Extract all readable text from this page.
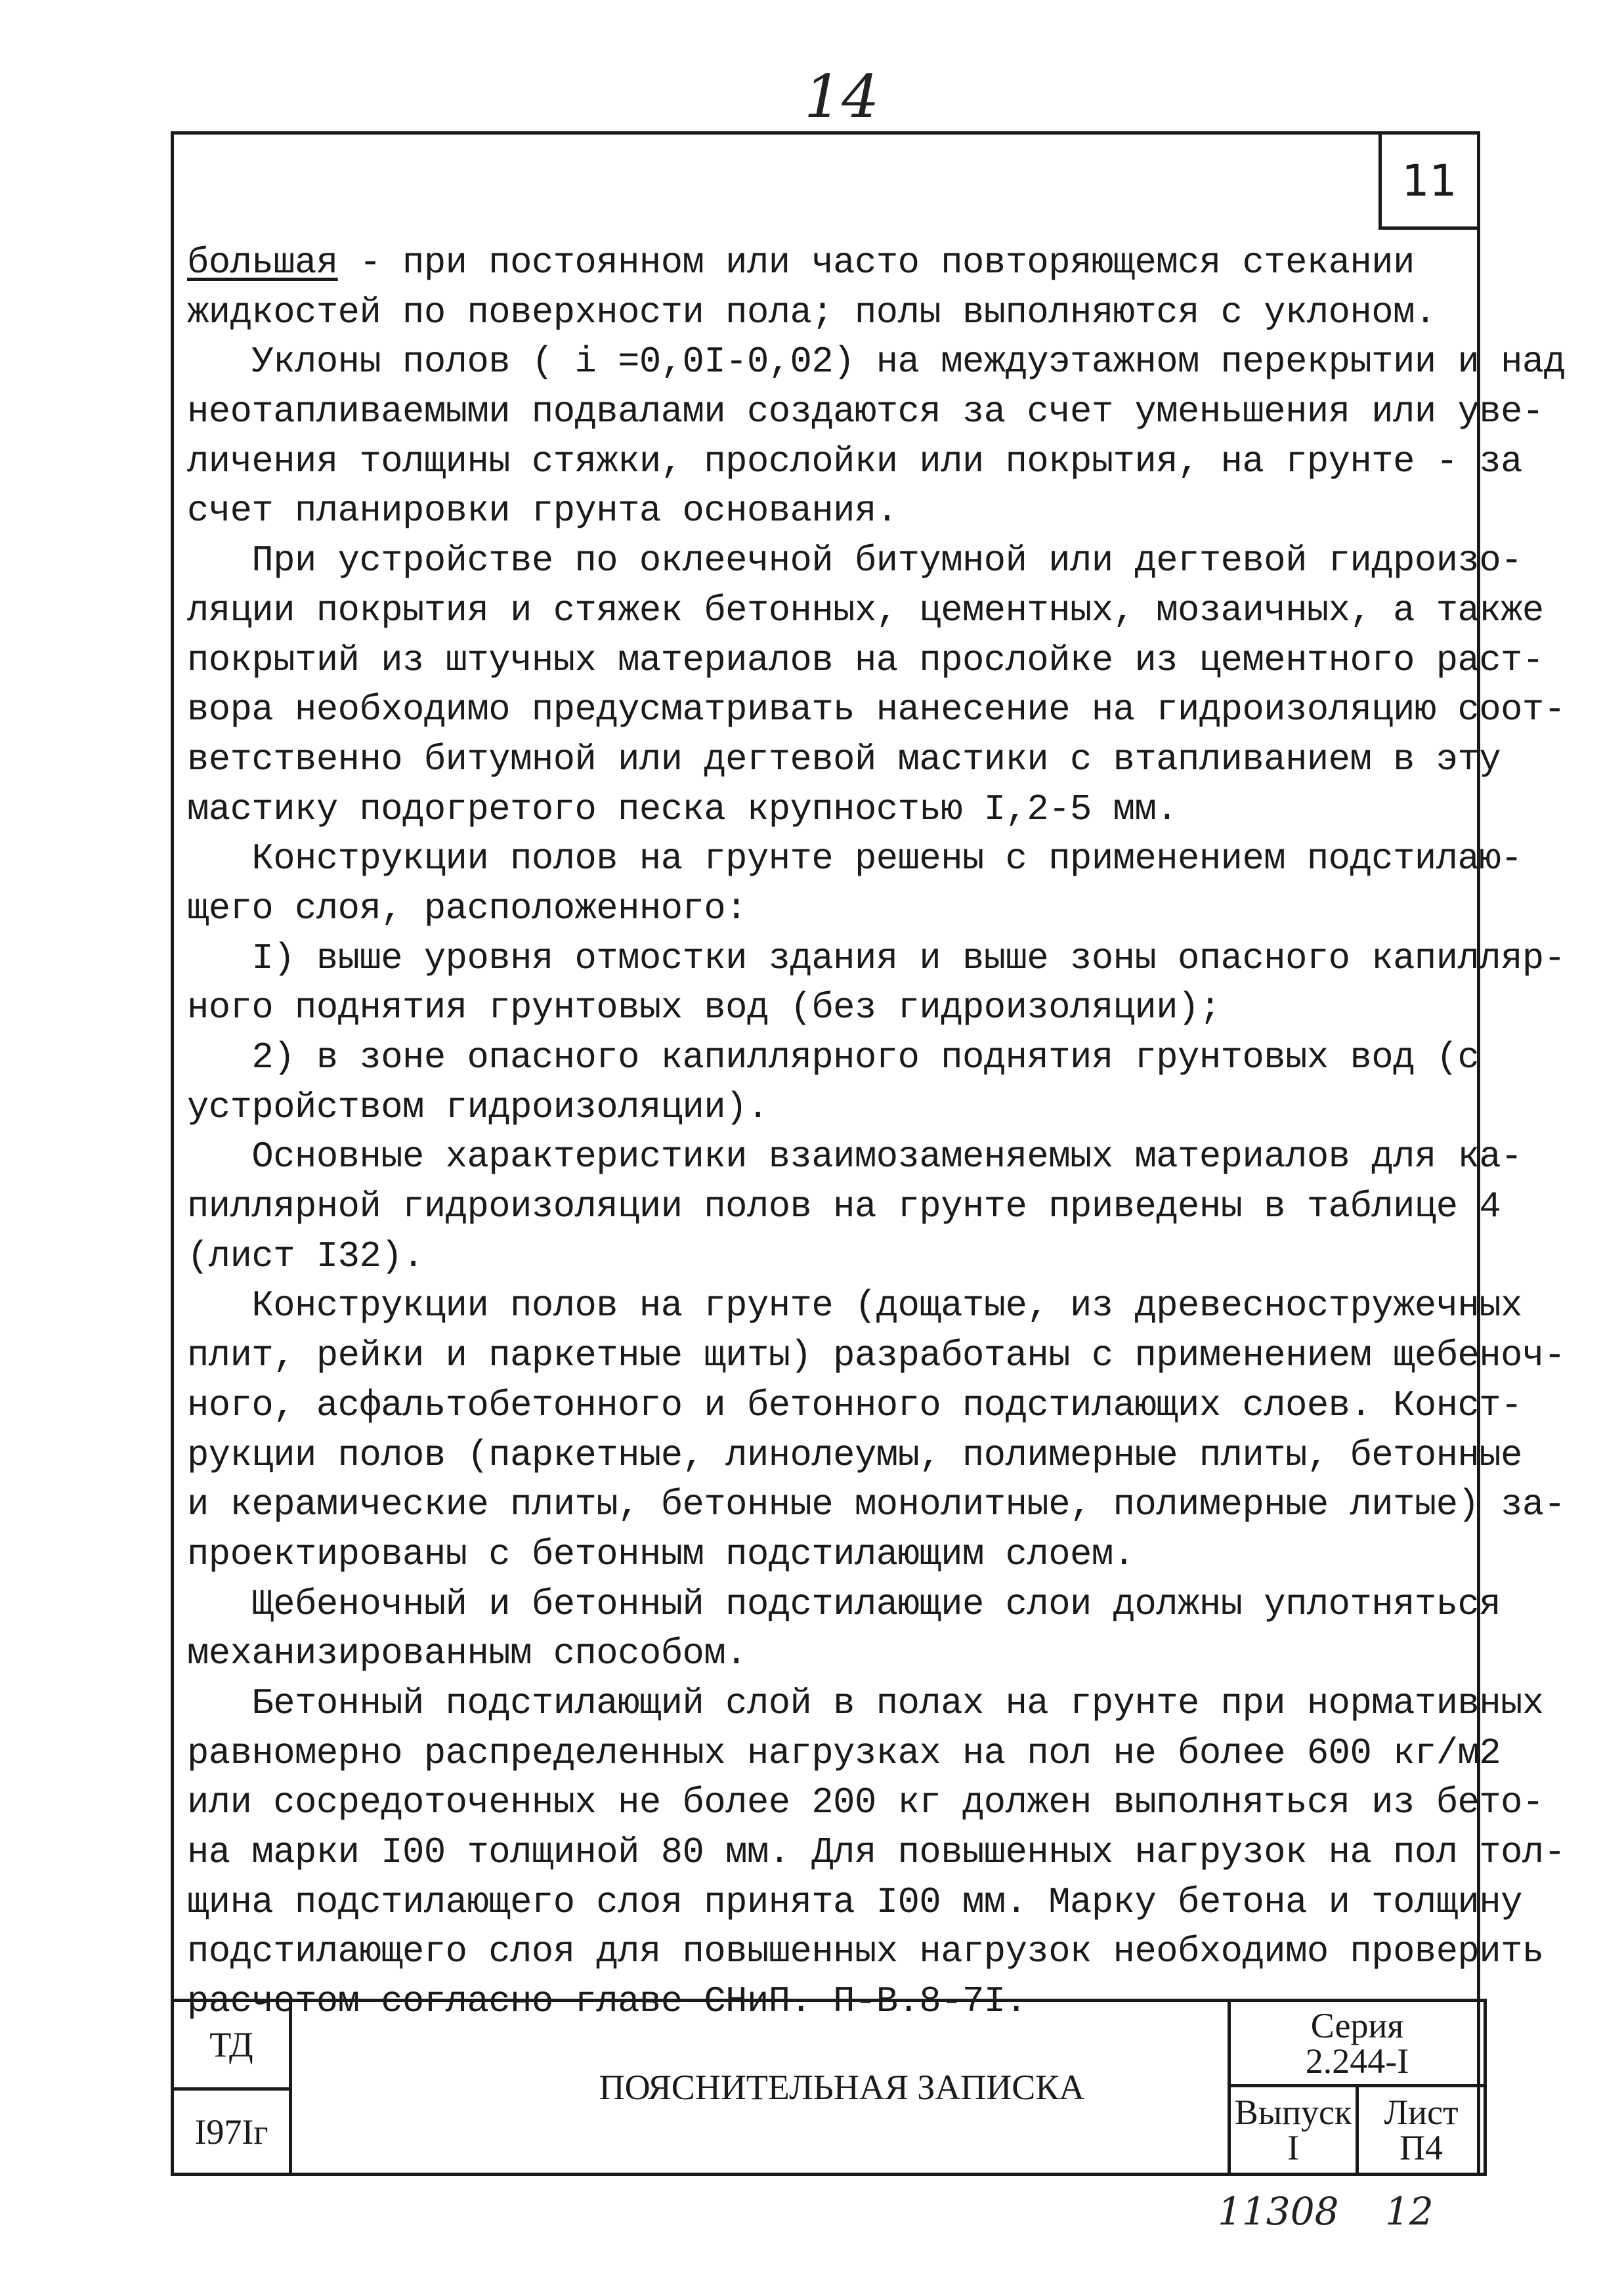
14
11
большая - при постоянном или часто повторяющемся стекании
жидкостей по поверхности пола; полы выполняются с уклоном.
Уклоны полов ( i =0,0I-0,02) на междуэтажном перекрытии и над
неотапливаемыми подвалами создаются за счет уменьшения или уве-
личения толщины стяжки, прослойки или покрытия, на грунте - за
счет планировки грунта основания.
При устройстве по оклеечной битумной или дегтевой гидроизо-
ляции покрытия и стяжек бетонных, цементных, мозаичных, а также
покрытий из штучных материалов на прослойке из цементного раст-
вора необходимо предусматривать нанесение на гидроизоляцию соот-
ветственно битумной или дегтевой мастики с втапливанием в эту
мастику подогретого песка крупностью I,2-5 мм.
Конструкции полов на грунте решены с применением подстилаю-
щего слоя, расположенного:
I) выше уровня отмостки здания и выше зоны опасного капилляр-
ного поднятия грунтовых вод (без гидроизоляции);
2) в зоне опасного капиллярного поднятия грунтовых вод (с
устройством гидроизоляции).
Основные характеристики взаимозаменяемых материалов для ка-
пиллярной гидроизоляции полов на грунте приведены в таблице 4
(лист I32).
Конструкции полов на грунте (дощатые, из древесностружечных
плит, рейки и паркетные щиты) разработаны с применением щебеноч-
ного, асфальтобетонного и бетонного подстилающих слоев. Конст-
рукции полов (паркетные, линолеумы, полимерные плиты, бетонные
и керамические плиты, бетонные монолитные, полимерные литые) за-
проектированы с бетонным подстилающим слоем.
Щебеночный и бетонный подстилающие слои должны уплотняться
механизированным способом.
Бетонный подстилающий слой в полах на грунте при нормативных
равномерно распределенных нагрузках на пол не более 600 кг/м2
или сосредоточенных не более 200 кг должен выполняться из бето-
на марки I00 толщиной 80 мм. Для повышенных нагрузок на пол тол-
щина подстилающего слоя принята I00 мм. Марку бетона и толщину
подстилающего слоя для повышенных нагрузок необходимо проверить
расчетом согласно главе СНиП. П-В.8-7I.
ТД
I97Iг
ПОЯСНИТЕЛЬНАЯ ЗАПИСКА
Серия
2.244-I
Выпуск
I
Лист
П4
11308 12
